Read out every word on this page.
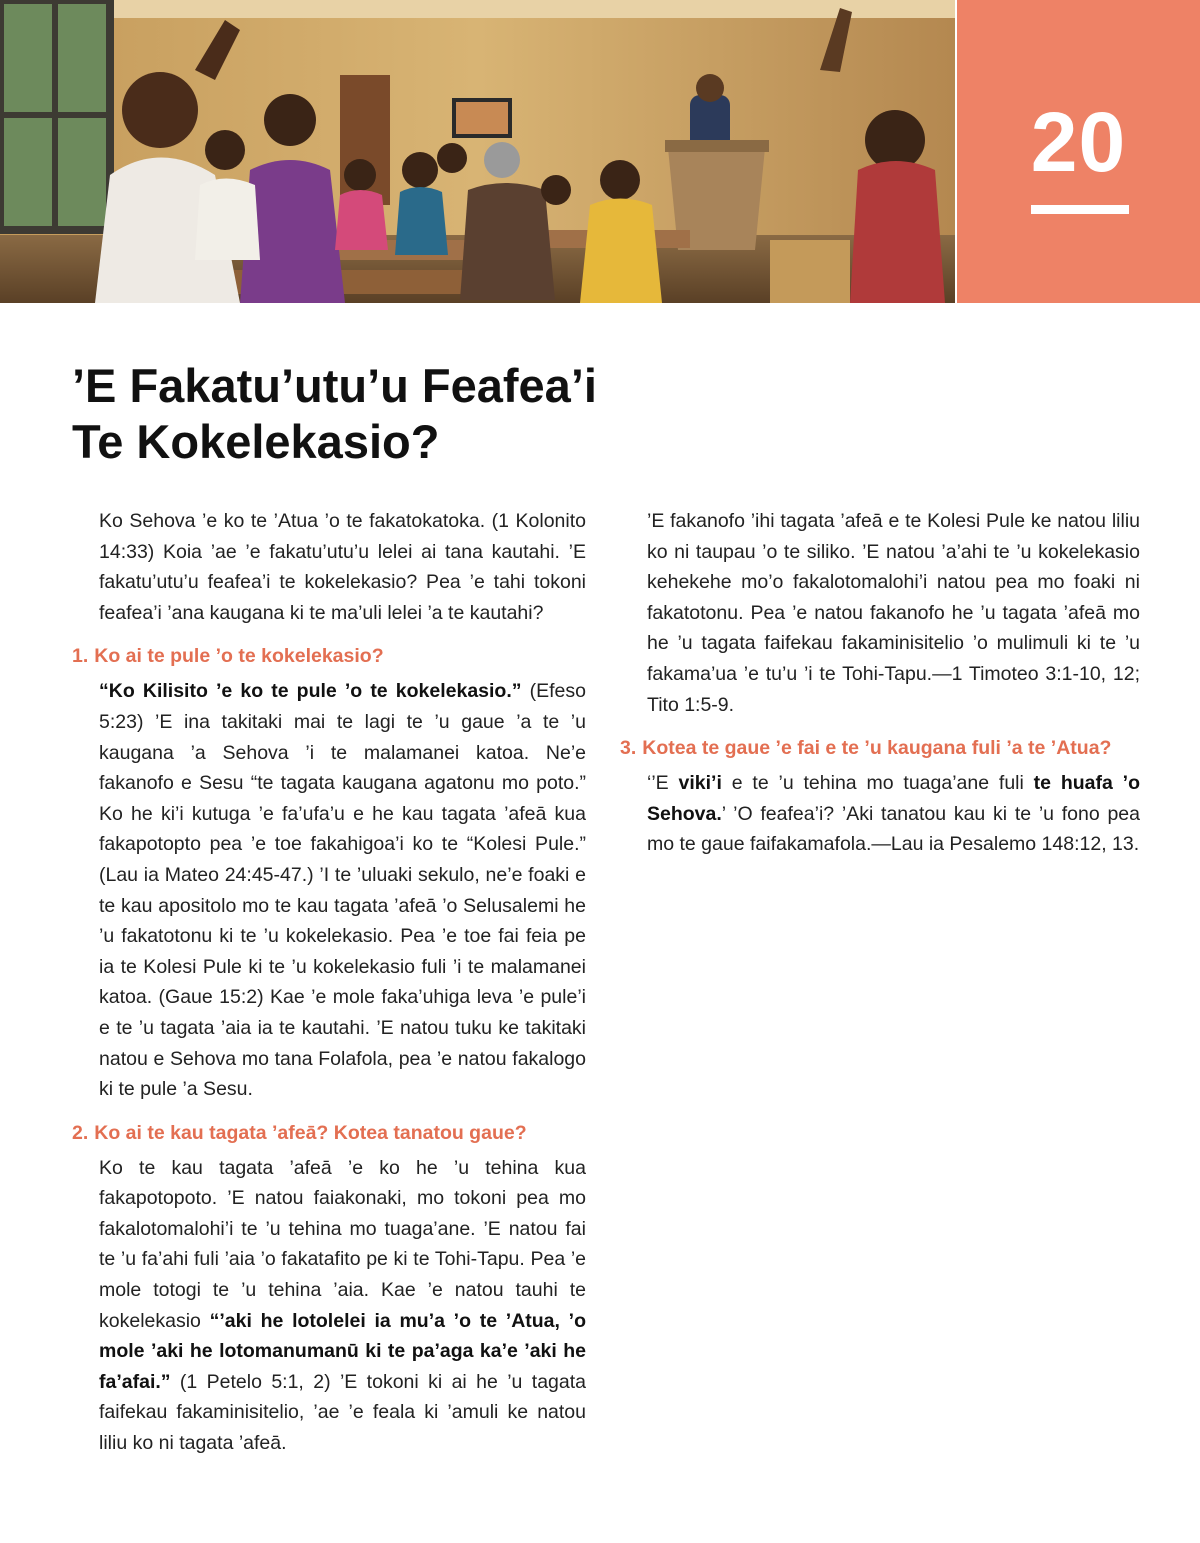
20
’E Fakatu’utu’u Feafea’i
Te Kokelekasio?

Ko Sehova ’e ko te ’Atua ’o te fakatokatoka. (1 Kolonito 14:33) Koia ’ae ’e fakatu’utu’u lelei ai tana kautahi. ’E fakatu’utu’u feafea’i te kokelekasio? Pea ’e tahi tokoni feafea’i ’ana kaugana ki te ma’uli lelei ’a te kautahi?

1. Ko ai te pule ’o te kokelekasio?

“Ko Kilisito ’e ko te pule ’o te kokelekasio.” (Efeso 5:23) ’E ina takitaki mai te lagi te ’u gaue ’a te ’u kaugana ’a Sehova ’i te malamanei katoa. Ne’e fakanofo e Sesu “te tagata kaugana agatonu mo poto.” Ko he ki’i kutuga ’e fa’ufa’u e he kau tagata ’afeā kua fakapotopto pea ’e toe fakahigoa’i ko te “Kolesi Pule.” (Lau ia Mateo 24:45-47.) ’I te ’uluaki sekulo, ne’e foaki e te kau apositolo mo te kau tagata ’afeā ’o Selusalemi he ’u fakatotonu ki te ’u kokelekasio. Pea ’e toe fai feia pe ia te Kolesi Pule ki te ’u kokelekasio fuli ’i te malamanei katoa. (Gaue 15:2) Kae ’e mole faka’uhiga leva ’e pule’i e te ’u tagata ’aia ia te kautahi. ’E natou tuku ke takitaki natou e Sehova mo tana Folafola, pea ’e natou fakalogo ki te pule ’a Sesu.

2. Ko ai te kau tagata ’afeā? Kotea tanatou gaue?

Ko te kau tagata ’afeā ’e ko he ’u tehina kua fakapotopoto. ’E natou faiakonaki, mo tokoni pea mo fakalotomalohi’i te ’u tehina mo tuaga’ane. ’E natou fai te ’u fa’ahi fuli ’aia ’o fakatafito pe ki te Tohi-Tapu. Pea ’e mole totogi te ’u tehina ’aia. Kae ’e natou tauhi te kokelekasio “’aki he lotolelei ia mu’a ’o te ’Atua, ’o mole ’aki he lotomanumanū ki te pa’aga ka’e ’aki he fa’afai.” (1 Petelo 5:1, 2) ’E tokoni ki ai he ’u tagata faifekau fakaminisitelio, ’ae ’e feala ki ’amuli ke natou liliu ko ni tagata ’afeā.

’E fakanofo ’ihi tagata ’afeā e te Kolesi Pule ke natou liliu ko ni taupau ’o te siliko. ’E natou ’a’ahi te ’u kokelekasio kehekehe mo’o fakalotomalohi’i natou pea mo foaki ni fakatotonu. Pea ’e natou fakanofo he ’u tagata ’afeā mo he ’u tagata faifekau fakaminisitelio ’o mulimuli ki te ’u fakama’ua ’e tu’u ’i te Tohi-Tapu.—1 Timoteo 3:1-10, 12; Tito 1:5-9.

3. Kotea te gaue ’e fai e te ’u kaugana fuli ’a te ’Atua?

‘’E viki’i e te ’u tehina mo tuaga’ane fuli te huafa ’o Sehova.’ ’O feafea’i? ’Aki tanatou kau ki te ’u fono pea mo te gaue faifakamafola.—Lau ia Pesalemo 148:12, 13.
